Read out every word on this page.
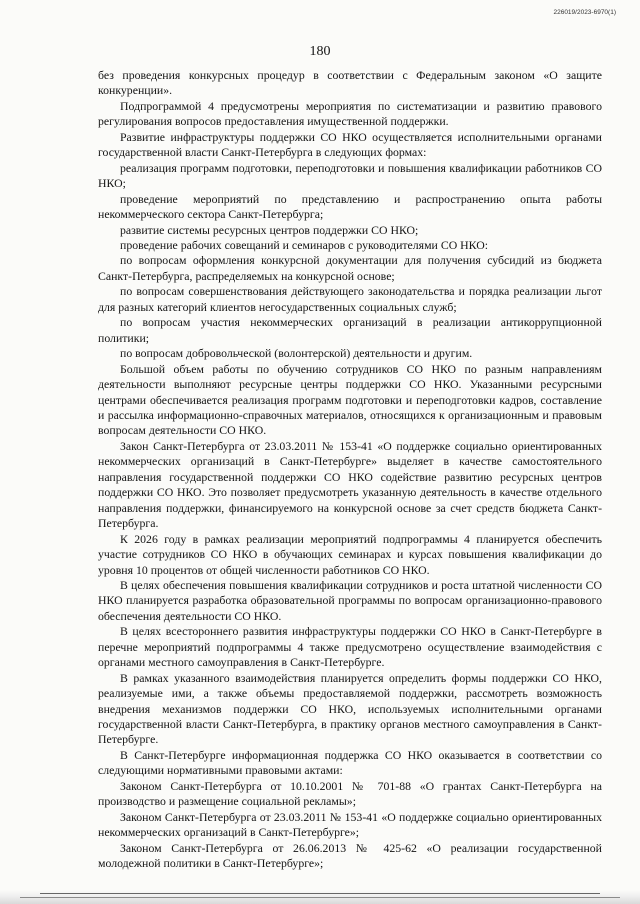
226019/2023-6970(1)
180

без проведения конкурсных процедур в соответствии с Федеральным законом «О защите конкуренции».

Подпрограммой 4 предусмотрены мероприятия по систематизации и развитию правового регулирования вопросов предоставления имущественной поддержки.

Развитие инфраструктуры поддержки СО НКО осуществляется исполнительными органами государственной власти Санкт-Петербурга в следующих формах:

реализация программ подготовки, переподготовки и повышения квалификации работников СО НКО;

проведение мероприятий по представлению и распространению опыта работы некоммерческого сектора Санкт-Петербурга;

развитие системы ресурсных центров поддержки СО НКО;

проведение рабочих совещаний и семинаров с руководителями СО НКО:

по вопросам оформления конкурсной документации для получения субсидий из бюджета Санкт-Петербурга, распределяемых на конкурсной основе;

по вопросам совершенствования действующего законодательства и порядка реализации льгот для разных категорий клиентов негосударственных социальных служб;

по вопросам участия некоммерческих организаций в реализации антикоррупционной политики;

по вопросам добровольческой (волонтерской) деятельности и другим.

Большой объем работы по обучению сотрудников СО НКО по разным направлениям деятельности выполняют ресурсные центры поддержки СО НКО. Указанными ресурсными центрами обеспечивается реализация программ подготовки и переподготовки кадров, составление и рассылка информационно-справочных материалов, относящихся к организационным и правовым вопросам деятельности СО НКО.

Закон Санкт-Петербурга от 23.03.2011 № 153-41 «О поддержке социально ориентированных некоммерческих организаций в Санкт-Петербурге» выделяет в качестве самостоятельного направления государственной поддержки СО НКО содействие развитию ресурсных центров поддержки СО НКО. Это позволяет предусмотреть указанную деятельность в качестве отдельного направления поддержки, финансируемого на конкурсной основе за счет средств бюджета Санкт-Петербурга.

К 2026 году в рамках реализации мероприятий подпрограммы 4 планируется обеспечить участие сотрудников СО НКО в обучающих семинарах и курсах повышения квалификации до уровня 10 процентов от общей численности работников СО НКО.

В целях обеспечения повышения квалификации сотрудников и роста штатной численности СО НКО планируется разработка образовательной программы по вопросам организационно-правового обеспечения деятельности СО НКО.

В целях всестороннего развития инфраструктуры поддержки СО НКО в Санкт-Петербурге в перечне мероприятий подпрограммы 4 также предусмотрено осуществление взаимодействия с органами местного самоуправления в Санкт-Петербурге.

В рамках указанного взаимодействия планируется определить формы поддержки СО НКО, реализуемые ими, а также объемы предоставляемой поддержки, рассмотреть возможность внедрения механизмов поддержки СО НКО, используемых исполнительными органами государственной власти Санкт-Петербурга, в практику органов местного самоуправления в Санкт-Петербурге.

В Санкт-Петербурге информационная поддержка СО НКО оказывается в соответствии со следующими нормативными правовыми актами:

Законом Санкт-Петербурга от 10.10.2001 № 701-88 «О грантах Санкт-Петербурга на производство и размещение социальной рекламы»;

Законом Санкт-Петербурга от 23.03.2011 № 153-41 «О поддержке социально ориентированных некоммерческих организаций в Санкт-Петербурге»;

Законом Санкт-Петербурга от 26.06.2013 № 425-62 «О реализации государственной молодежной политики в Санкт-Петербурге»;
